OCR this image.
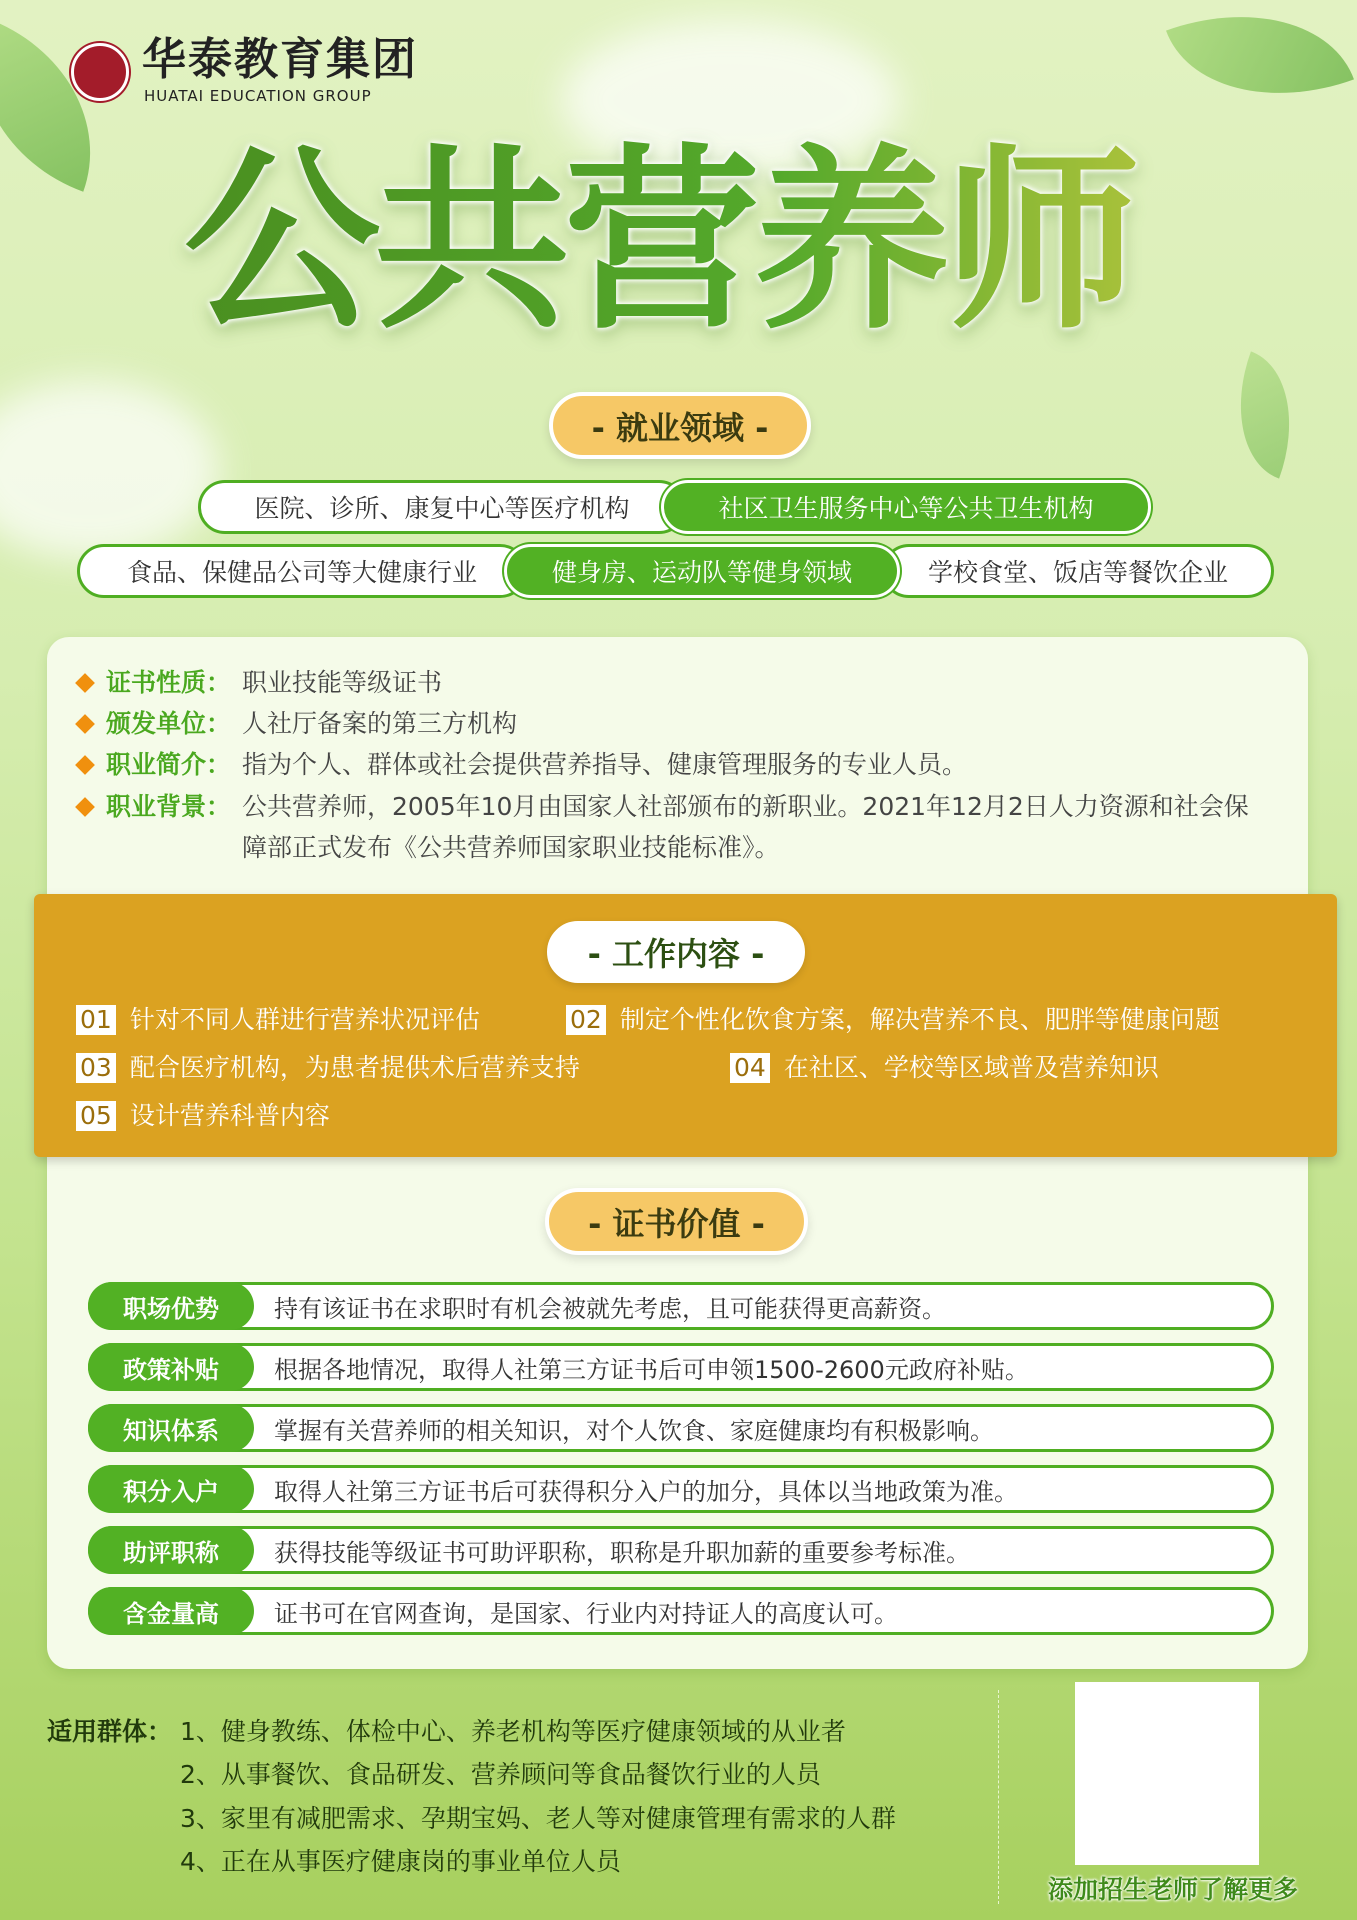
华泰教育集团
HUATAI EDUCATION GROUP
公共营养师
- 就业领域 -
医院、诊所、康复中心等医疗机构	社区卫生服务中心等公共卫生机构
食品、保健品公司等大健康行业	学校食堂、饭店等餐饮企业
健身房、运动队等健身领域
证书性质： 职业技能等级证书
颁发单位： 人社厅备案的第三方机构
职业简介： 指为个人、群体或社会提供营养指导、健康管理服务的专业人员。
职业背景： 公共营养师，2005年10月由国家人社部颁布的新职业。2021年12月2日人力资源和社会保障部正式发布《公共营养师国家职业技能标准》。
- 工作内容 -
01 针对不同人群进行营养状况评估	02 制定个性化饮食方案，解决营养不良、肥胖等健康问题
03 配合医疗机构，为患者提供术后营养支持	04 在社区、学校等区域普及营养知识
05 设计营养科普内容
- 证书价值 -
职场优势	持有该证书在求职时有机会被就先考虑，且可能获得更高薪资。
政策补贴	根据各地情况，取得人社第三方证书后可申领1500-2600元政府补贴。
知识体系	掌握有关营养师的相关知识，对个人饮食、家庭健康均有积极影响。
积分入户	取得人社第三方证书后可获得积分入户的加分，具体以当地政策为准。
助评职称	获得技能等级证书可助评职称，职称是升职加薪的重要参考标准。
含金量高	证书可在官网查询，是国家、行业内对持证人的高度认可。
适用群体： 1、健身教练、体检中心、养老机构等医疗健康领域的从业者
2、从事餐饮、食品研发、营养顾问等食品餐饮行业的人员
3、家里有减肥需求、孕期宝妈、老人等对健康管理有需求的人群
4、正在从事医疗健康岗的事业单位人员
添加招生老师了解更多
